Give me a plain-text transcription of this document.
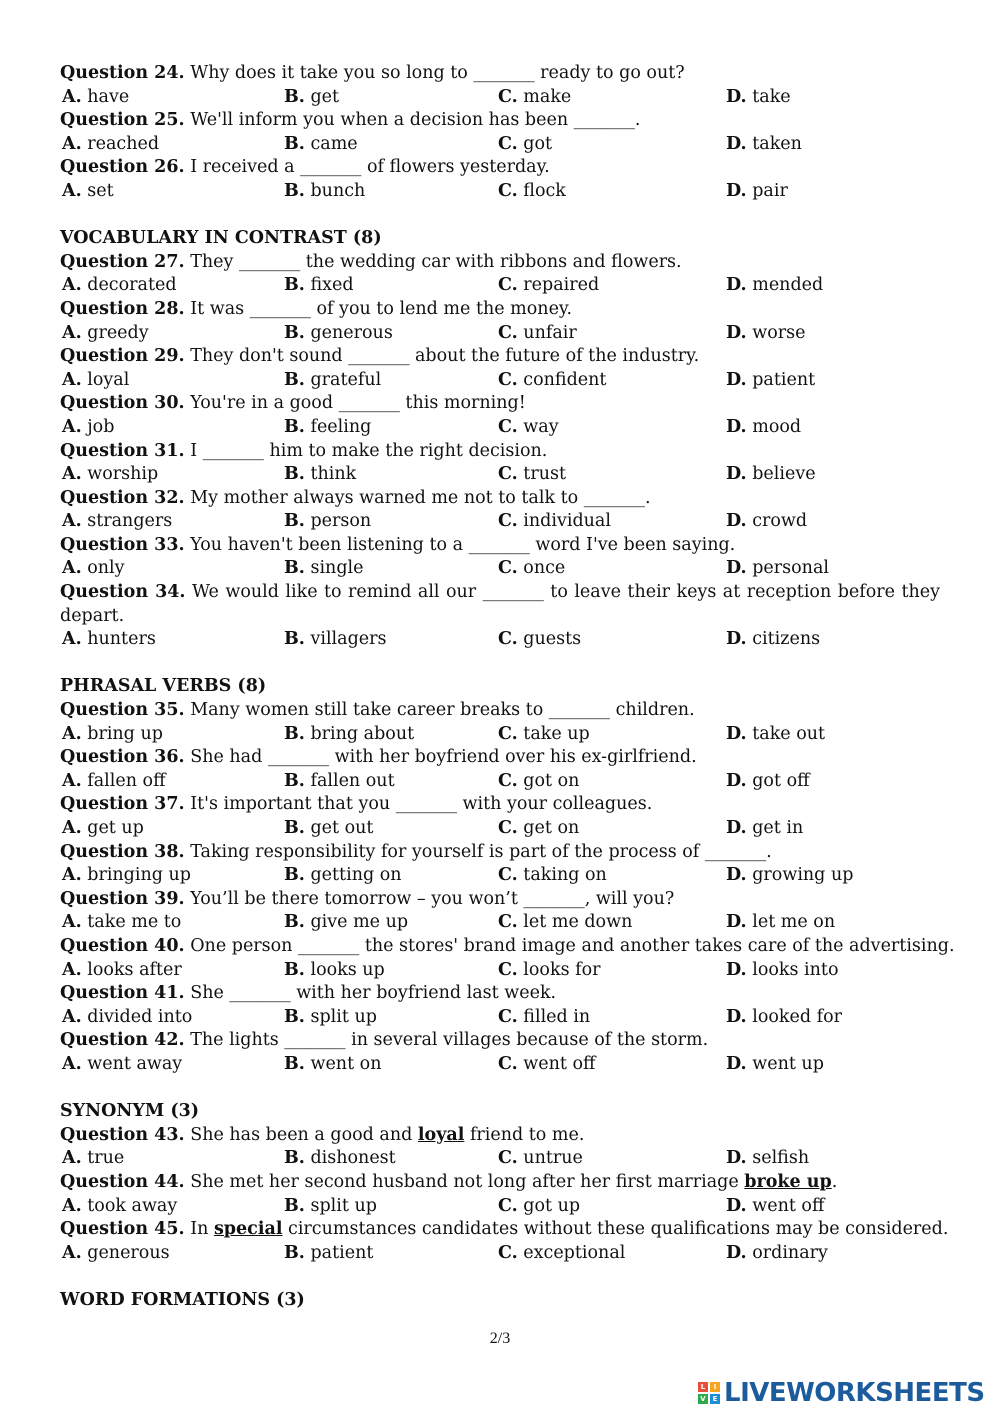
Question 24. Why does it take you so long to _______ ready to go out?
A. have	B. get	C. make	D. take
Question 25. We'll inform you when a decision has been _______.
A. reached	B. came	C. got	D. taken
Question 26. I received a _______ of flowers yesterday.
A. set	B. bunch	C. flock	D. pair
VOCABULARY IN CONTRAST (8)
Question 27. They _______ the wedding car with ribbons and flowers.
A. decorated	B. fixed	C. repaired	D. mended
Question 28. It was _______ of you to lend me the money.
A. greedy	B. generous	C. unfair	D. worse
Question 29. They don't sound _______ about the future of the industry.
A. loyal	B. grateful	C. confident	D. patient
Question 30. You're in a good _______ this morning!
A. job	B. feeling	C. way	D. mood
Question 31. I _______ him to make the right decision.
A. worship	B. think	C. trust	D. believe
Question 32. My mother always warned me not to talk to _______.
A. strangers	B. person	C. individual	D. crowd
Question 33. You haven't been listening to a _______ word I've been saying.
A. only	B. single	C. once	D. personal
Question 34. We would like to remind all our _______ to leave their keys at reception before they depart.
A. hunters	B. villagers	C. guests	D. citizens
PHRASAL VERBS (8)
Question 35. Many women still take career breaks to _______ children.
A. bring up	B. bring about	C. take up	D. take out
Question 36. She had _______ with her boyfriend over his ex-girlfriend.
A. fallen off	B. fallen out	C. got on	D. got off
Question 37. It's important that you _______ with your colleagues.
A. get up	B. get out	C. get on	D. get in
Question 38. Taking responsibility for yourself is part of the process of _______.
A. bringing up	B. getting on	C. taking on	D. growing up
Question 39. You’ll be there tomorrow – you won’t _______, will you?
A. take me to	B. give me up	C. let me down	D. let me on
Question 40. One person _______ the stores' brand image and another takes care of the advertising.
A. looks after	B. looks up	C. looks for	D. looks into
Question 41. She _______ with her boyfriend last week.
A. divided into	B. split up	C. filled in	D. looked for
Question 42. The lights _______ in several villages because of the storm.
A. went away	B. went on	C. went off	D. went up
SYNONYM (3)
Question 43. She has been a good and loyal friend to me.
A. true	B. dishonest	C. untrue	D. selfish
Question 44. She met her second husband not long after her first marriage broke up.
A. took away	B. split up	C. got up	D. went off
Question 45. In special circumstances candidates without these qualifications may be considered.
A. generous	B. patient	C. exceptional	D. ordinary
WORD FORMATIONS (3)
2/3
L	I
V E LIVEWORKSHEETS
